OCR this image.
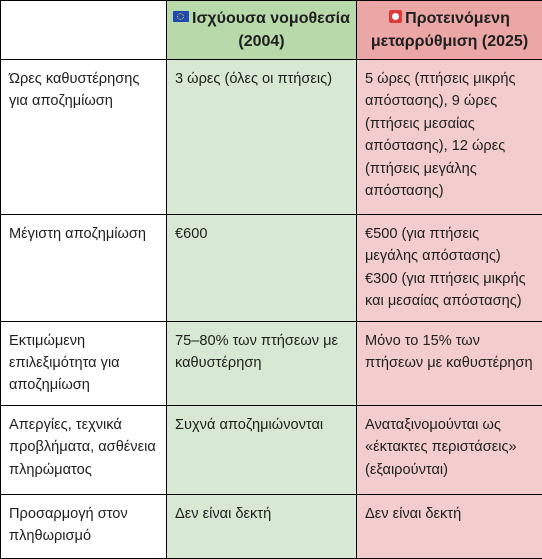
	Ισχύουσα νομοθεσία (2004)	Προτεινόμενη μεταρρύθμιση (2025)
Ώρες καθυστέρησης για αποζημίωση	3 ώρες (όλες οι πτήσεις)	5 ώρες (πτήσεις μικρής απόστασης), 9 ώρες (πτήσεις μεσαίας απόστασης), 12 ώρες (πτήσεις μεγάλης απόστασης)

Μέγιστη αποζημίωση	€600	€500 (για πτήσεις μεγάλης απόστασης)
€300 (για πτήσεις μικρής και μεσαίας απόστασης)

Εκτιμώμενη επιλεξιμότητα για αποζημίωση	75–80% των πτήσεων με καθυστέρηση	Μόνο το 15% των πτήσεων με καθυστέρηση

Απεργίες, τεχνικά προβλήματα, ασθένεια πληρώματος	Συχνά αποζημιώνονται	Αναταξινομούνται ως «έκτακτες περιστάσεις» (εξαιρούνται)

Προσαρμογή στον πληθωρισμό	Δεν είναι δεκτή	Δεν είναι δεκτή
